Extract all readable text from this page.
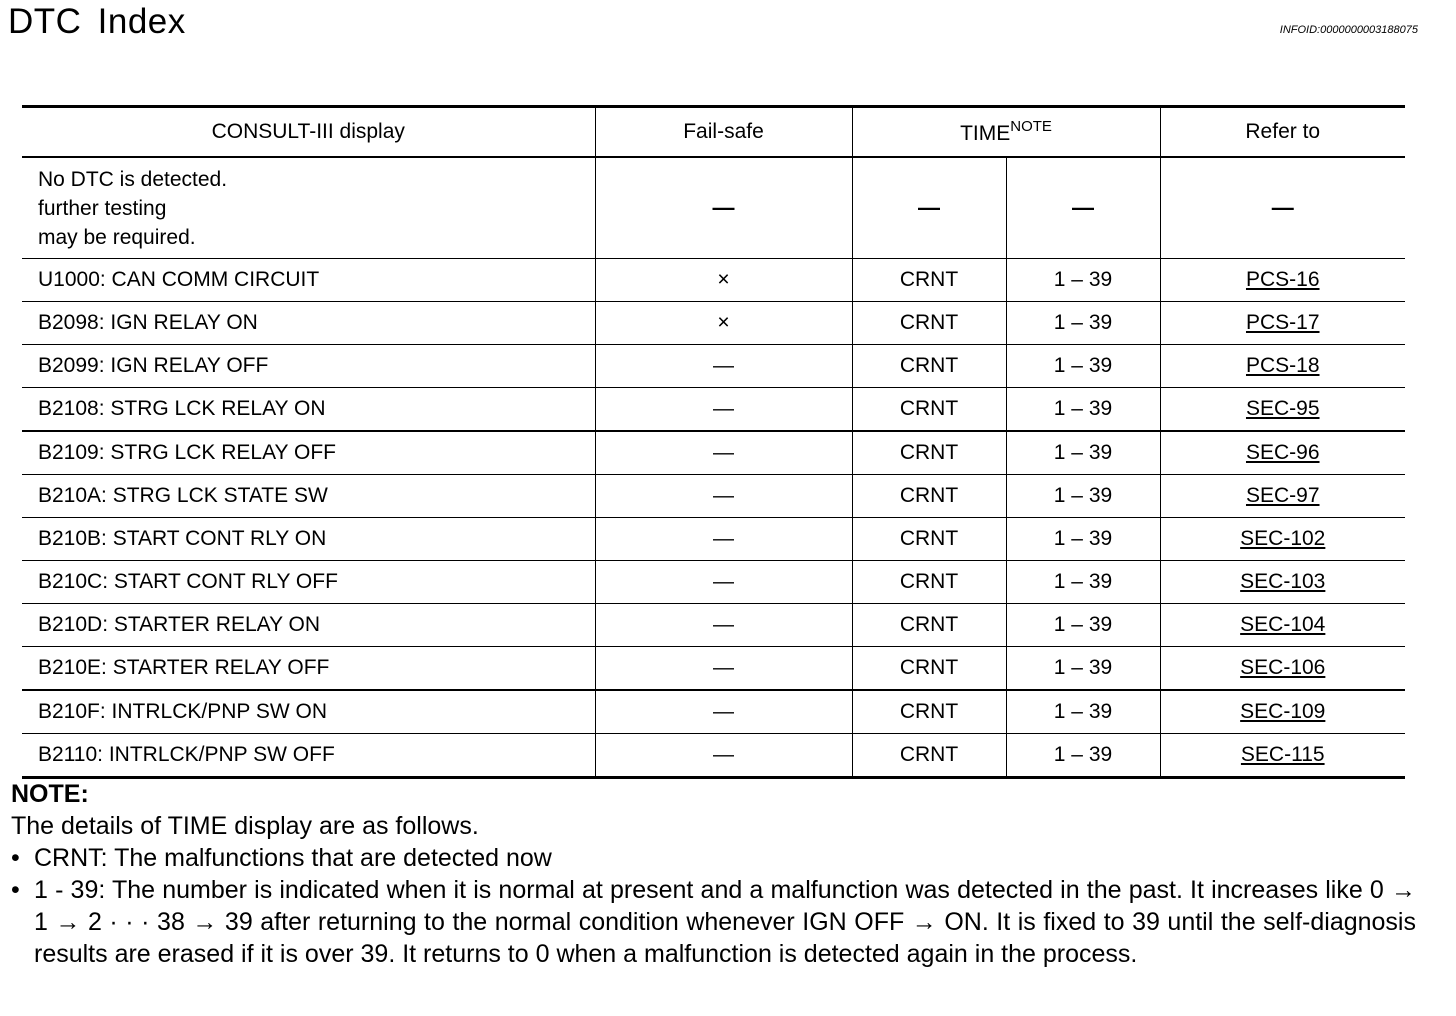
DTC Index	INFOID:0000000003188075
CONSULT-III display	Fail-safe	TIME$^{NOTE}$		Refer to

No DTC is detected.
further testing
may be required.	—	—	—	—
U1000: CAN COMM CIRCUIT	×	CRNT	1 – 39	PCS-16
B2098: IGN RELAY ON	×	CRNT	1 – 39	PCS-17
B2099: IGN RELAY OFF	—	CRNT	1 – 39	PCS-18
B2108: STRG LCK RELAY ON	—	CRNT	1 – 39	SEC-95
B2109: STRG LCK RELAY OFF	—	CRNT	1 – 39	SEC-96
B210A: STRG LCK STATE SW	—	CRNT	1 – 39	SEC-97
B210B: START CONT RLY ON	—	CRNT	1 – 39	SEC-102
B210C: START CONT RLY OFF	—	CRNT	1 – 39	SEC-103
B210D: STARTER RELAY ON	—	CRNT	1 – 39	SEC-104
B210E: STARTER RELAY OFF	—	CRNT	1 – 39	SEC-106
B210F: INTRLCK/PNP SW ON	—	CRNT	1 – 39	SEC-109
B2110: INTRLCK/PNP SW OFF	—	CRNT	1 – 39	SEC-115
NOTE:
The details of TIME display are as follows.
• CRNT: The malfunctions that are detected now
• 1 - 39: The number is indicated when it is normal at present and a malfunction was detected in the past. It increases like 0 → 1 → 2 · · · 38 → 39 after returning to the normal condition whenever IGN OFF → ON. It is fixed to 39 until the self-diagnosis results are erased if it is over 39. It returns to 0 when a malfunction is detected again in the process.
